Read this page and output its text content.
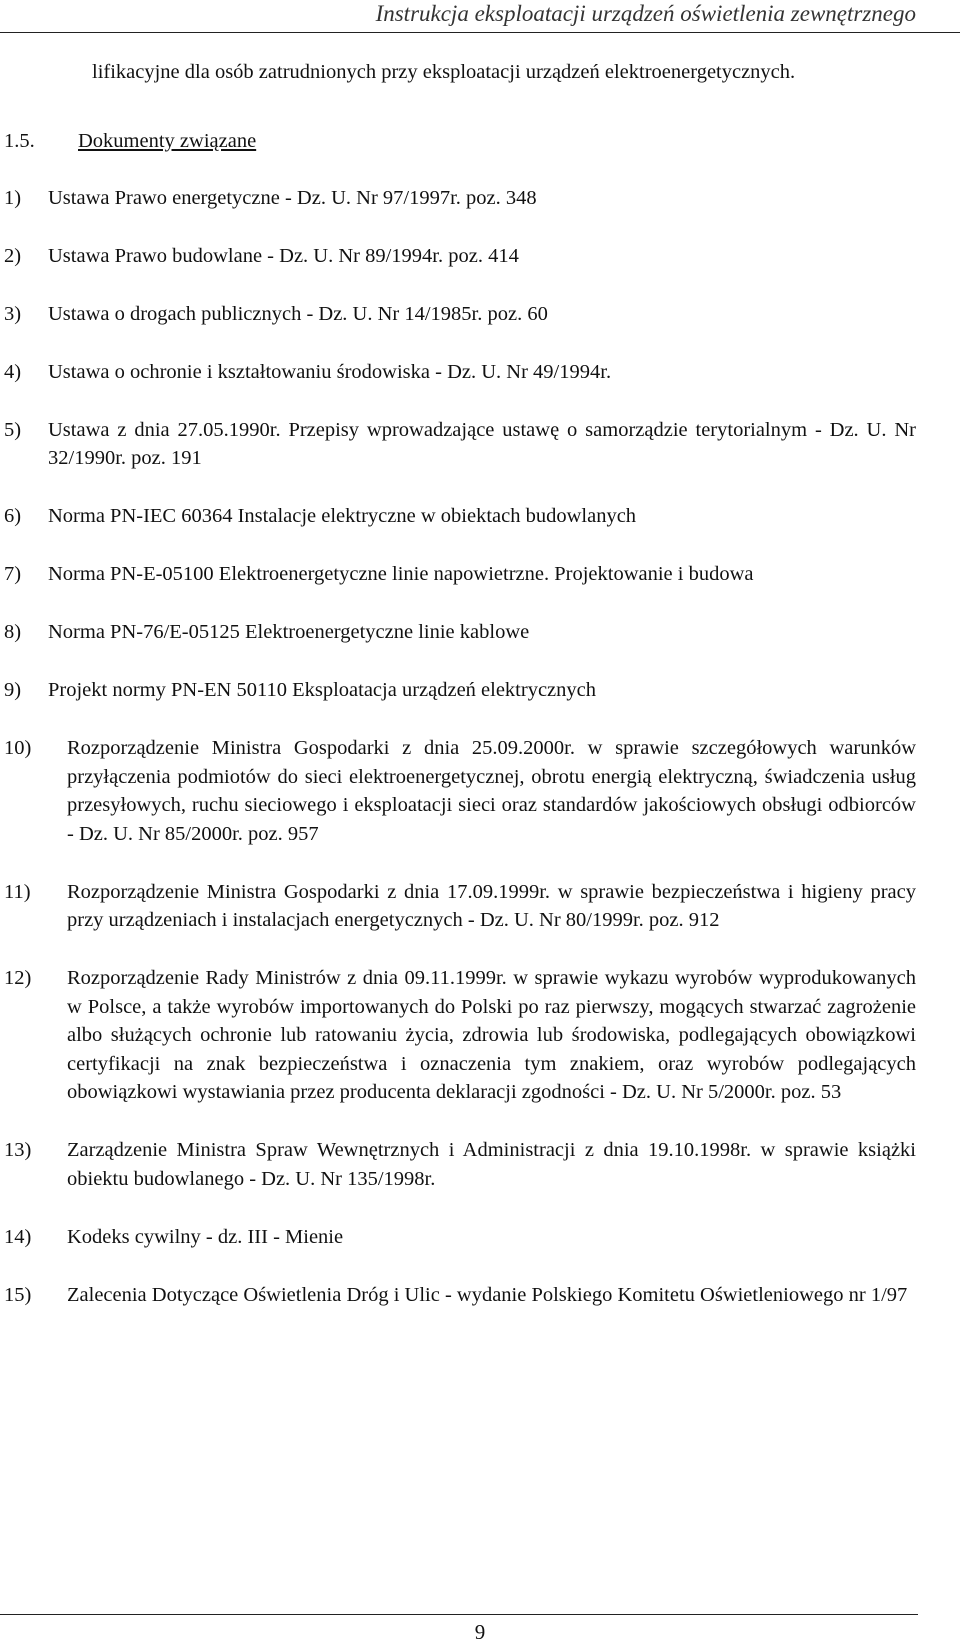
Instrukcja eksploatacji urządzeń oświetlenia zewnętrznego
lifikacyjne dla osób zatrudnionych przy eksploatacji urządzeń elektroenergetycznych.
1.5. Dokumenty związane
1)	Ustawa Prawo energetyczne - Dz. U. Nr 97/1997r. poz. 348
2)	Ustawa Prawo budowlane - Dz. U. Nr 89/1994r. poz. 414
3)	Ustawa o drogach publicznych - Dz. U. Nr 14/1985r. poz. 60
4)	Ustawa o ochronie i kształtowaniu środowiska - Dz. U. Nr 49/1994r.
5)	Ustawa z dnia 27.05.1990r. Przepisy wprowadzające ustawę o samorządzie terytorialnym - Dz. U. Nr 32/1990r. poz. 191
6)	Norma PN-IEC 60364 Instalacje elektryczne w obiektach budowlanych
7)	Norma PN-E-05100 Elektroenergetyczne linie napowietrzne. Projektowanie i budowa
8)	Norma PN-76/E-05125 Elektroenergetyczne linie kablowe
9)	Projekt normy PN-EN 50110 Eksploatacja urządzeń elektrycznych
10)	Rozporządzenie Ministra Gospodarki z dnia 25.09.2000r. w sprawie szczegółowych warunków przyłączenia podmiotów do sieci elektroenergetycznej, obrotu energią elektryczną, świadczenia usług przesyłowych, ruchu sieciowego i eksploatacji sieci oraz standardów jakościowych obsługi odbiorców - Dz. U. Nr 85/2000r. poz. 957
11)	Rozporządzenie Ministra Gospodarki z dnia 17.09.1999r. w sprawie bezpieczeństwa i higieny pracy przy urządzeniach i instalacjach energetycznych - Dz. U. Nr 80/1999r. poz. 912
12)	Rozporządzenie Rady Ministrów z dnia 09.11.1999r. w sprawie wykazu wyrobów wyprodukowanych w Polsce, a także wyrobów importowanych do Polski po raz pierwszy, mogących stwarzać zagrożenie albo służących ochronie lub ratowaniu życia, zdrowia lub środowiska, podlegających obowiązkowi certyfikacji na znak bezpieczeństwa i oznaczenia tym znakiem, oraz wyrobów podlegających obowiązkowi wystawiania przez producenta deklaracji zgodności - Dz. U. Nr 5/2000r. poz. 53
13)	Zarządzenie Ministra Spraw Wewnętrznych i Administracji z dnia 19.10.1998r. w sprawie książki obiektu budowlanego - Dz. U. Nr 135/1998r.
14)	Kodeks cywilny - dz. III - Mienie
15)	Zalecenia Dotyczące Oświetlenia Dróg i Ulic - wydanie Polskiego Komitetu Oświetleniowego nr 1/97
9
